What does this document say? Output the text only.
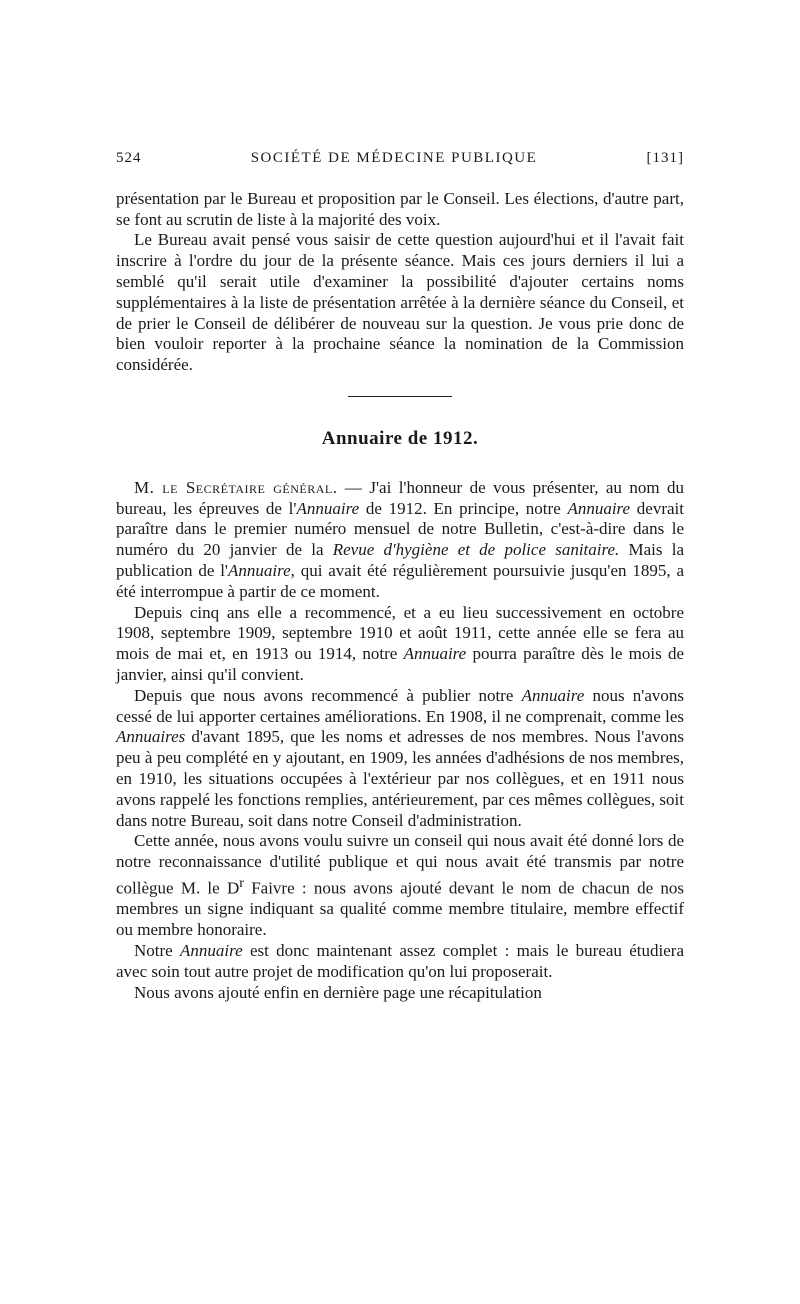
524	SOCIÉTÉ DE MÉDECINE PUBLIQUE	[131]

présentation par le Bureau et proposition par le Conseil. Les élections, d'autre part, se font au scrutin de liste à la majorité des voix.

Le Bureau avait pensé vous saisir de cette question aujourd'hui et il l'avait fait inscrire à l'ordre du jour de la présente séance. Mais ces jours derniers il lui a semblé qu'il serait utile d'examiner la possibilité d'ajouter certains noms supplémentaires à la liste de présentation arrêtée à la dernière séance du Conseil, et de prier le Conseil de délibérer de nouveau sur la question. Je vous prie donc de bien vouloir reporter à la prochaine séance la nomination de la Commission considérée.

Annuaire de 1912.

M. le Secrétaire général. — J'ai l'honneur de vous présenter, au nom du bureau, les épreuves de l'Annuaire de 1912. En principe, notre Annuaire devrait paraître dans le premier numéro mensuel de notre Bulletin, c'est-à-dire dans le numéro du 20 janvier de la Revue d'hygiène et de police sanitaire. Mais la publication de l'Annuaire, qui avait été régulièrement poursuivie jusqu'en 1895, a été interrompue à partir de ce moment.

Depuis cinq ans elle a recommencé, et a eu lieu successivement en octobre 1908, septembre 1909, septembre 1910 et août 1911, cette année elle se fera au mois de mai et, en 1913 ou 1914, notre Annuaire pourra paraître dès le mois de janvier, ainsi qu'il convient.

Depuis que nous avons recommencé à publier notre Annuaire nous n'avons cessé de lui apporter certaines améliorations. En 1908, il ne comprenait, comme les Annuaires d'avant 1895, que les noms et adresses de nos membres. Nous l'avons peu à peu complété en y ajoutant, en 1909, les années d'adhésions de nos membres, en 1910, les situations occupées à l'extérieur par nos collègues, et en 1911 nous avons rappelé les fonctions remplies, antérieurement, par ces mêmes collègues, soit dans notre Bureau, soit dans notre Conseil d'administration.

Cette année, nous avons voulu suivre un conseil qui nous avait été donné lors de notre reconnaissance d'utilité publique et qui nous avait été transmis par notre collègue M. le $D^r$ Faivre : nous avons ajouté devant le nom de chacun de nos membres un signe indiquant sa qualité comme membre titulaire, membre effectif ou membre honoraire.

Notre Annuaire est donc maintenant assez complet : mais le bureau étudiera avec soin tout autre projet de modification qu'on lui proposerait.

Nous avons ajouté enfin en dernière page une récapitulation
